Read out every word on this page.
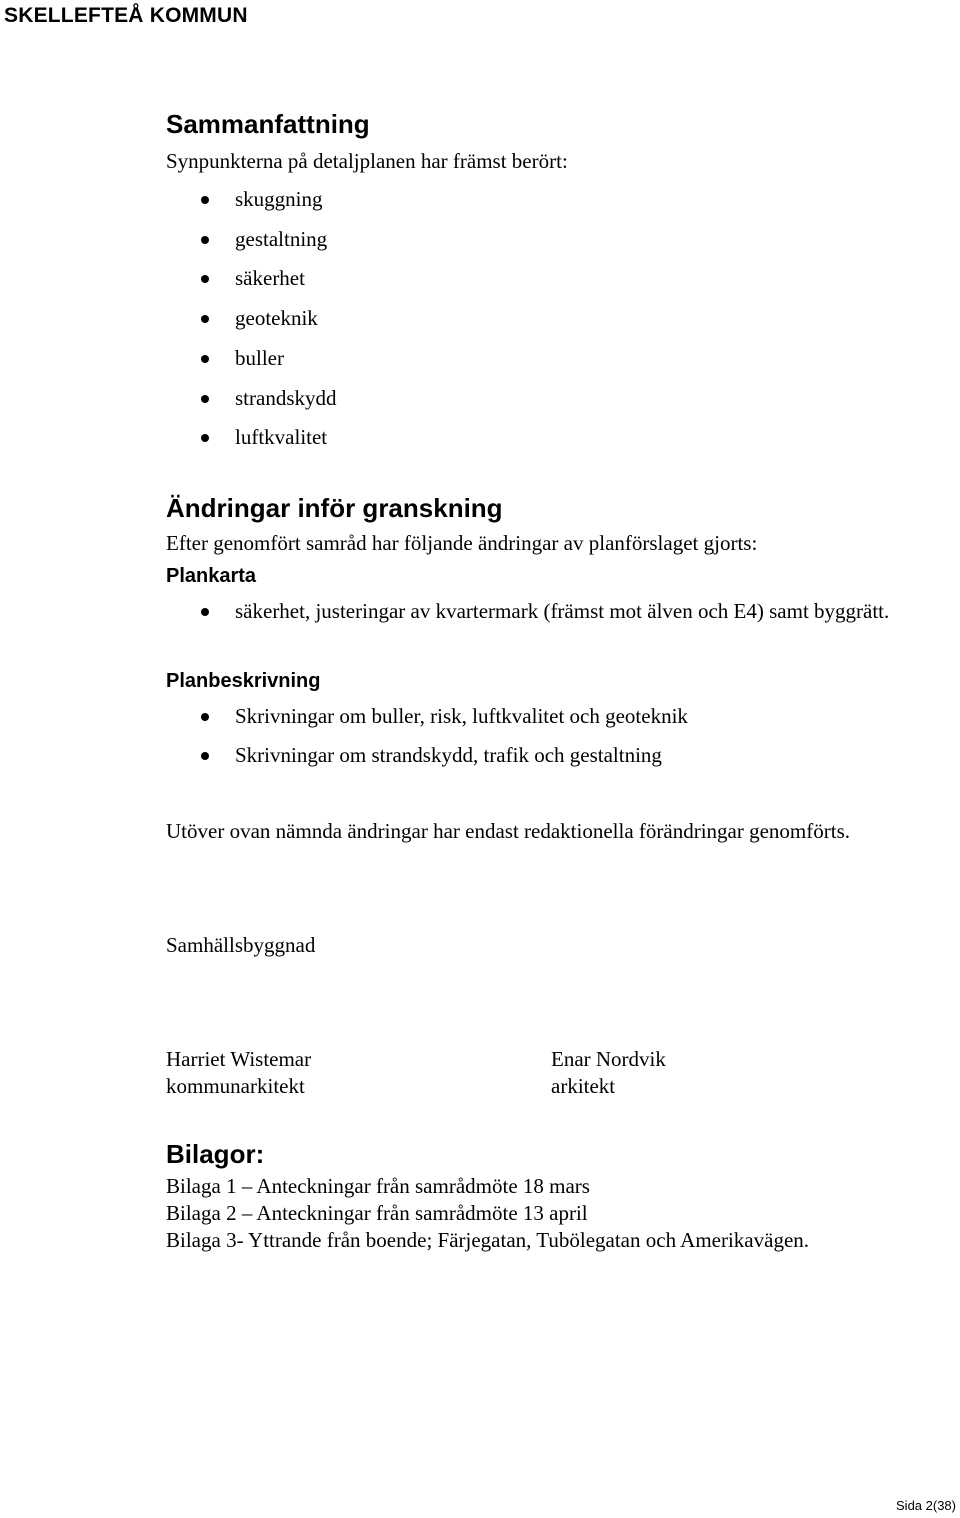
SKELLEFTEÅ KOMMUN
Sammanfattning

Synpunkterna på detaljplanen har främst berört:

skuggning
gestaltning
säkerhet
geoteknik
buller
strandskydd
luftkvalitet
Ändringar inför granskning

Efter genomfört samråd har följande ändringar av planförslaget gjorts:

Plankarta
säkerhet, justeringar av kvartermark (främst mot älven och E4) samt byggrätt.
Planbeskrivning
Skrivningar om buller, risk, luftkvalitet och geoteknik
Skrivningar om strandskydd, trafik och gestaltning

Utöver ovan nämnda ändringar har endast redaktionella förändringar genomförts.

Samhällsbyggnad

Harriet Wistemar

kommunarkitekt

Enar Nordvik

arkitekt

Bilagor:

Bilaga 1 – Anteckningar från samrådmöte 18 mars

Bilaga 2 – Anteckningar från samrådmöte 13 april

Bilaga 3- Yttrande från boende; Färjegatan, Tubölegatan och Amerikavägen.

Sida 2(38)
